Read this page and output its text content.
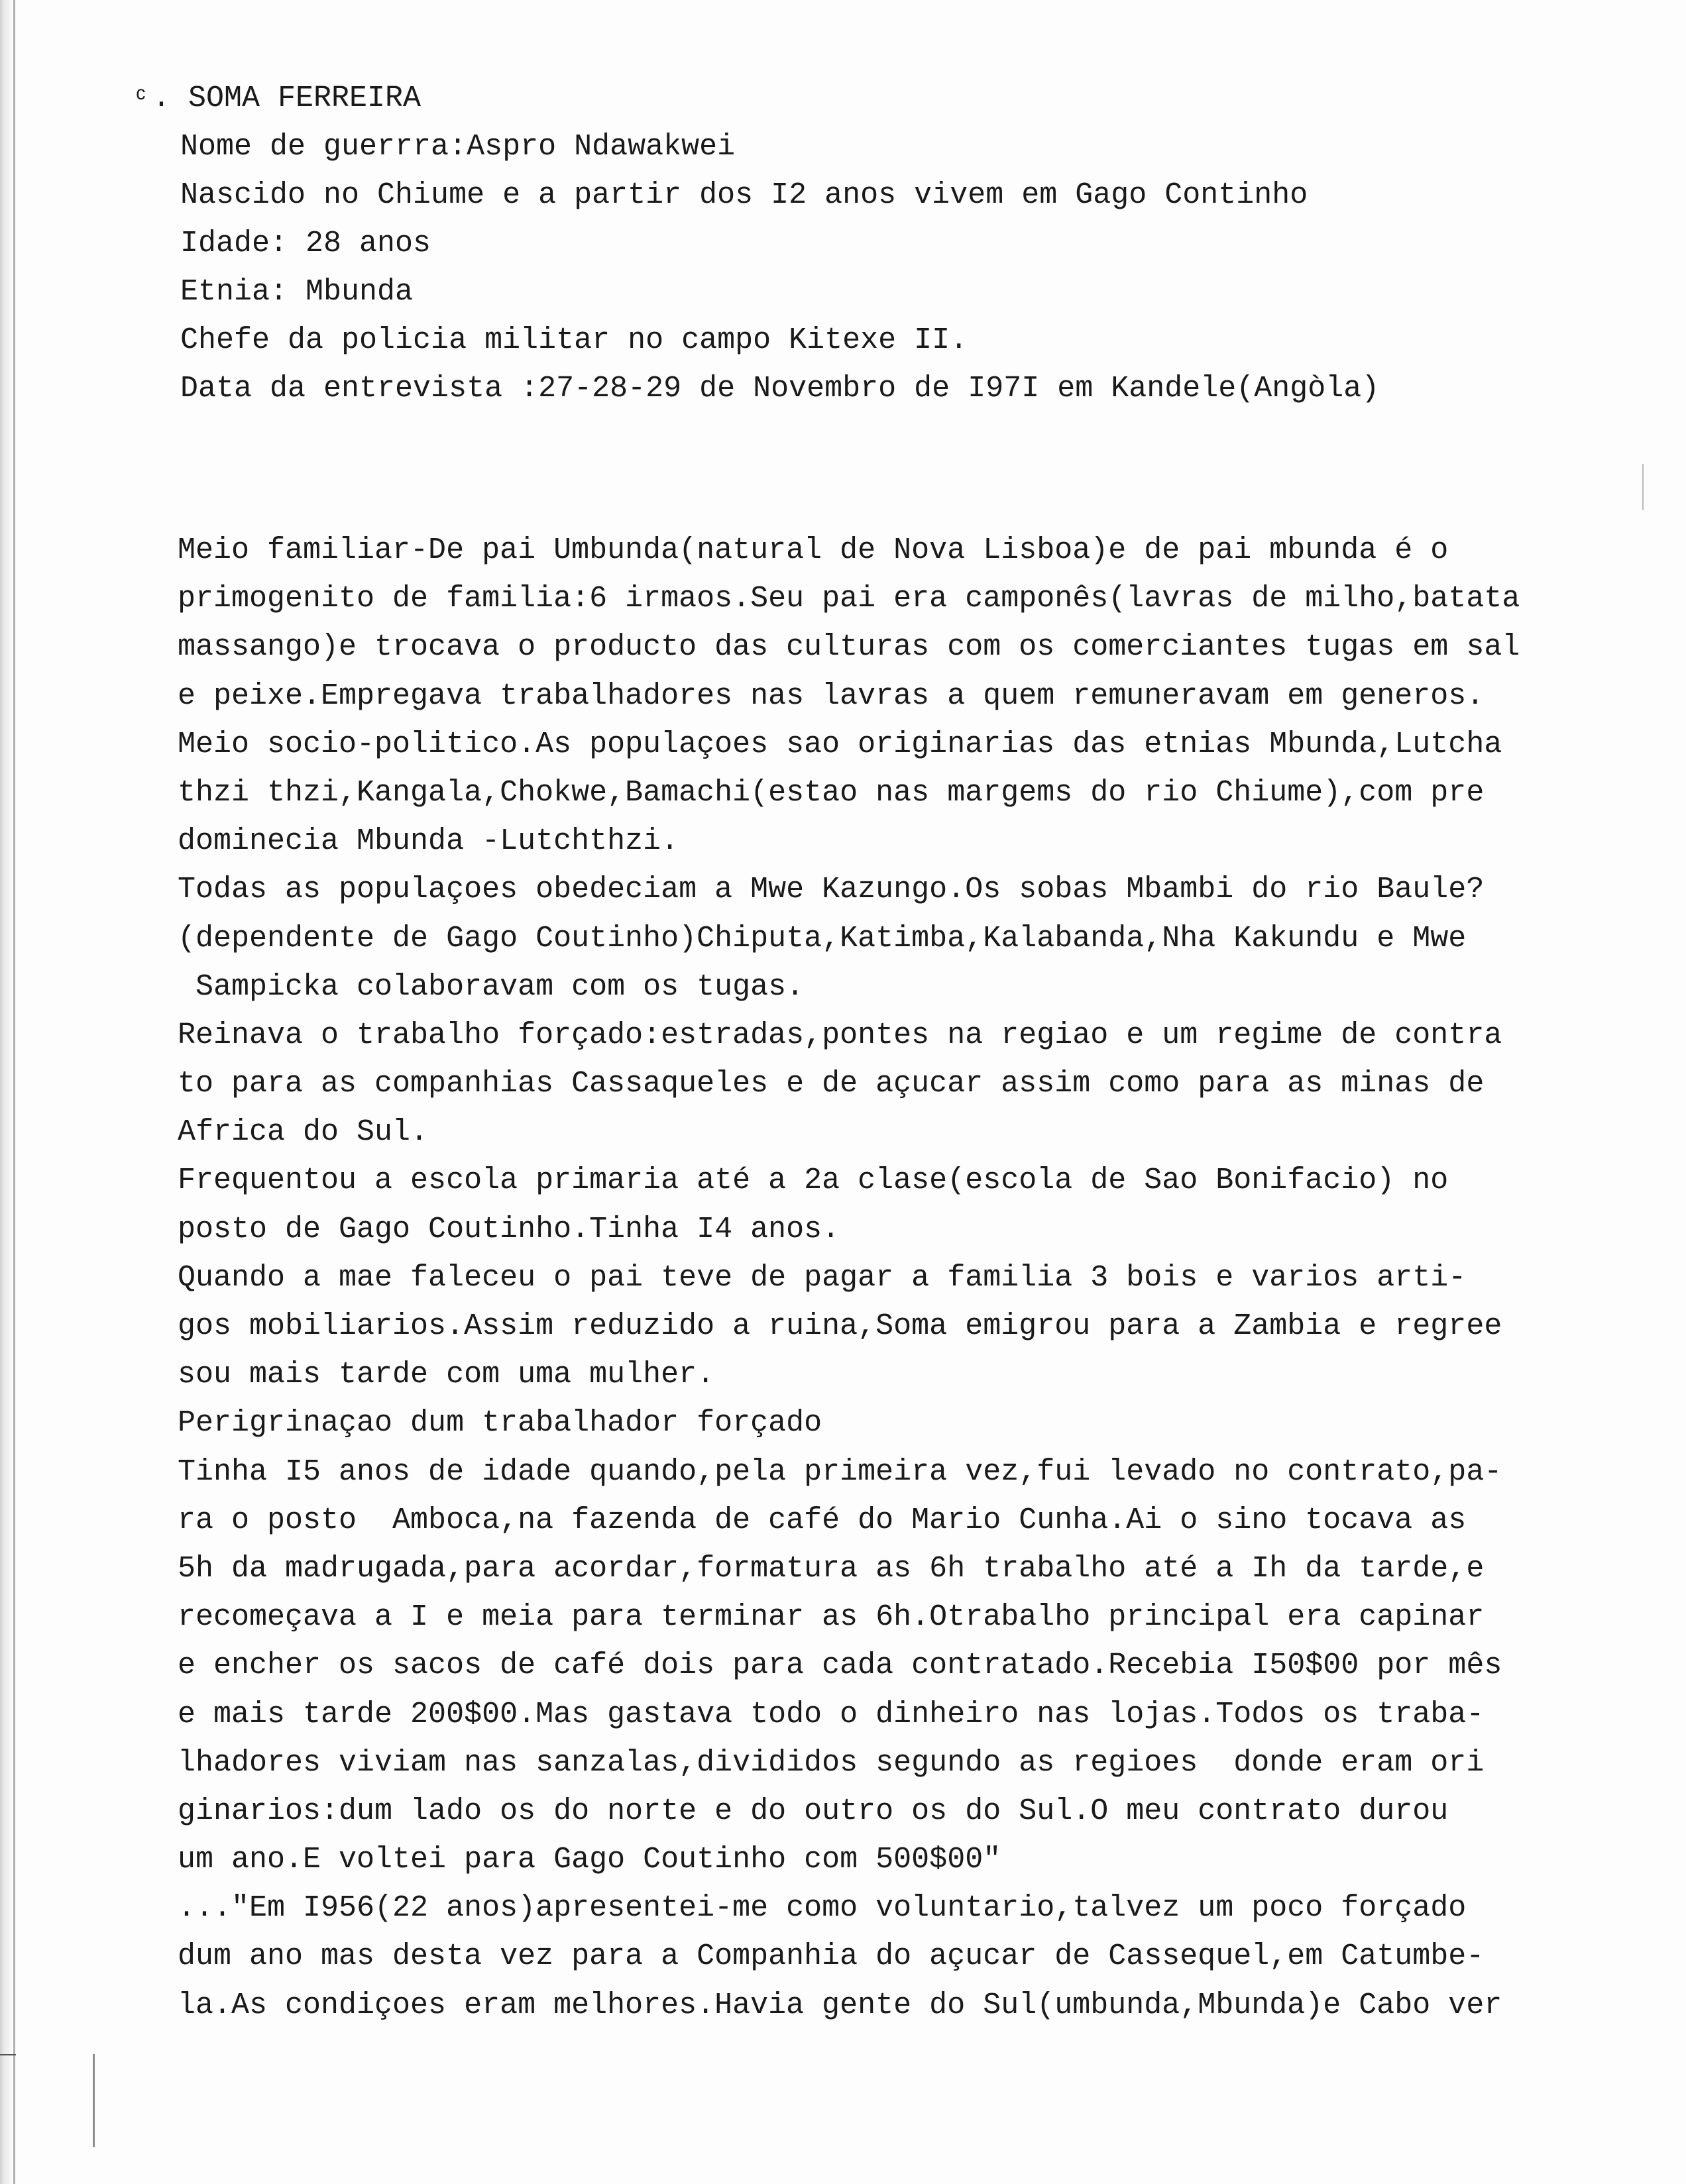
ᶜ . SOMA FERREIRA
Nome de guerrra:Aspro Ndawakwei
Nascido no Chiume e a partir dos I2 anos vivem em Gago Continho
Idade: 28 anos
Etnia: Mbunda
Chefe da policia militar no campo Kitexe II.
Data da entrevista :27-28-29 de Novembro de I97I em Kandele(Angòla)
Meio familiar-De pai Umbunda(natural de Nova Lisboa)e de pai mbunda é o
primogenito de familia:6 irmaos.Seu pai era camponês(lavras de milho,batata
massango)e trocava o producto das culturas com os comerciantes tugas em sal
e peixe.Empregava trabalhadores nas lavras a quem remuneravam em generos.
Meio socio-politico.As populaçoes sao originarias das etnias Mbunda,Lutcha
thzi thzi,Kangala,Chokwe,Bamachi(estao nas margems do rio Chiume),com pre
dominecia Mbunda -Lutchthzi.
Todas as populaçoes obedeciam a Mwe Kazungo.Os sobas Mbambi do rio Baule?
(dependente de Gago Coutinho)Chiputa,Katimba,Kalabanda,Nha Kakundu e Mwe
Sampicka colaboravam com os tugas.
Reinava o trabalho forçado:estradas,pontes na regiao e um regime de contra
to para as companhias Cassaqueles e de açucar assim como para as minas de
Africa do Sul.
Frequentou a escola primaria até a 2a clase(escola de Sao Bonifacio) no
posto de Gago Coutinho.Tinha I4 anos.
Quando a mae faleceu o pai teve de pagar a familia 3 bois e varios arti-
gos mobiliarios.Assim reduzido a ruina,Soma emigrou para a Zambia e regree
sou mais tarde com uma mulher.
Perigrinaçao dum trabalhador forçado
Tinha I5 anos de idade quando,pela primeira vez,fui levado no contrato,pa-
ra o posto  Amboca,na fazenda de café do Mario Cunha.Ai o sino tocava as
5h da madrugada,para acordar,formatura as 6h trabalho até a Ih da tarde,e
recomeçava a I e meia para terminar as 6h.Otrabalho principal era capinar
e encher os sacos de café dois para cada contratado.Recebia I50$00 por mês
e mais tarde 200$00.Mas gastava todo o dinheiro nas lojas.Todos os traba-
lhadores viviam nas sanzalas,divididos segundo as regioes  donde eram ori
ginarios:dum lado os do norte e do outro os do Sul.O meu contrato durou
um ano.E voltei para Gago Coutinho com 500$00"
..."Em I956(22 anos)apresentei-me como voluntario,talvez um poco forçado
dum ano mas desta vez para a Companhia do açucar de Cassequel,em Catumbe-
la.As condiçoes eram melhores.Havia gente do Sul(umbunda,Mbunda)e Cabo ver
